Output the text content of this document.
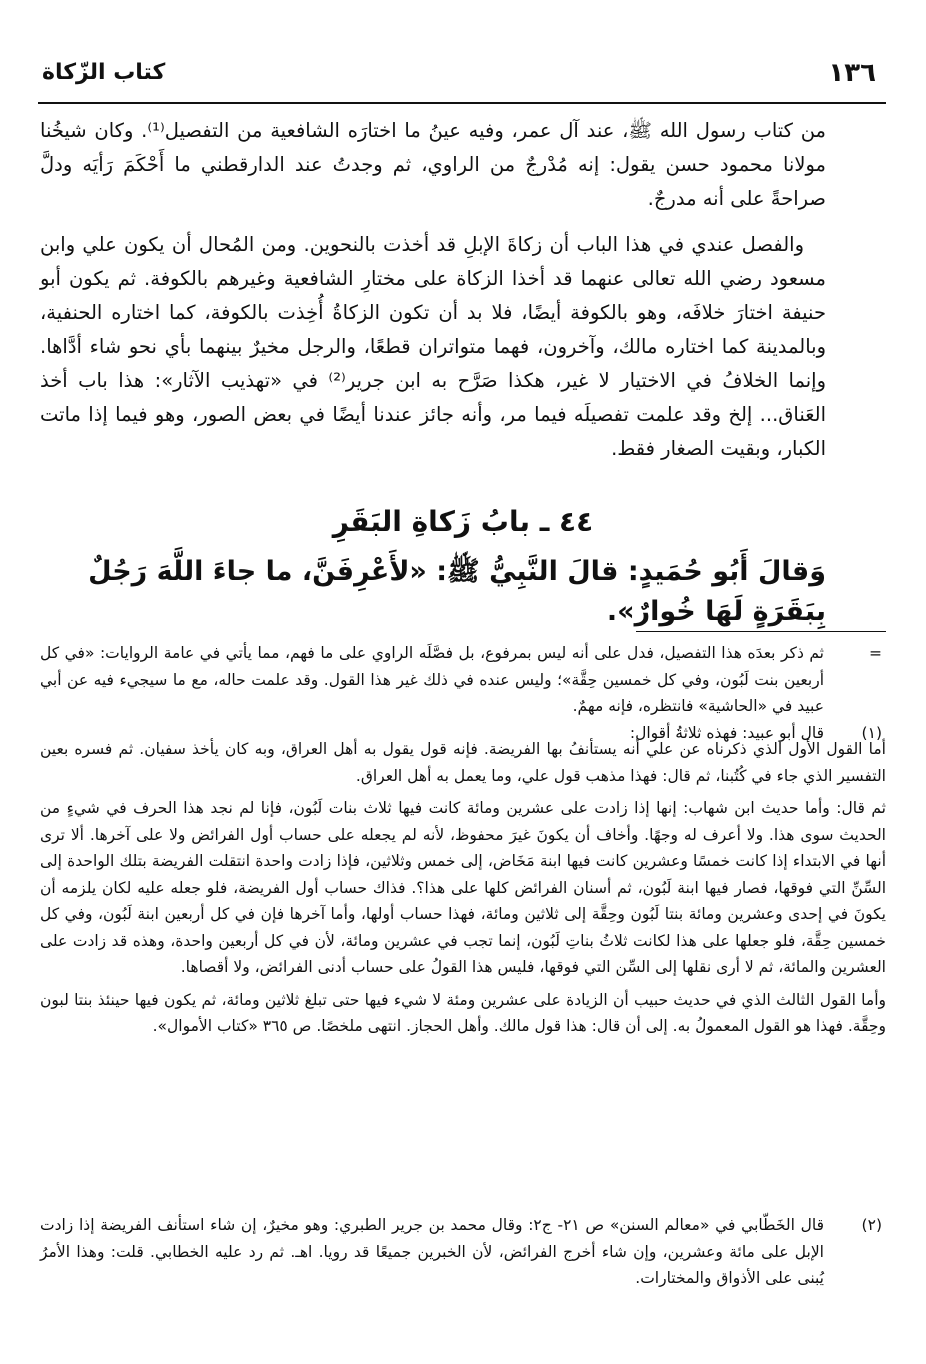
١٣٦
كتاب الزّكاة

من كتاب رسول الله ﷺ، عند آل عمر، وفيه عينُ ما اختارَه الشافعية من التفصيل⁽¹⁾. وكان شيخُنا مولانا محمود حسن يقول: إنه مُدْرجٌ من الراوي، ثم وجدتُ عند الدارقطني ما أَحْكَمَ رَأيَه ودلَّ صراحةً على أنه مدرجٌ.

والفصل عندي في هذا الباب أن زكاةَ الإبلِ قد أخذت بالنحوين. ومن المُحال أن يكون علي وابن مسعود رضي الله تعالى عنهما قد أخذا الزكاة على مختارِ الشافعية وغيرهم بالكوفة. ثم يكون أبو حنيفة اختارَ خلافَه، وهو بالكوفة أيضًا، فلا بد أن تكون الزكاةُ أُخِذت بالكوفة، كما اختاره الحنفية، وبالمدينة كما اختاره مالك، وآخرون، فهما متواتران قطعًا، والرجل مخيرٌ بينهما بأي نحو شاء أدَّاها. وإنما الخلافُ في الاختيار لا غير، هكذا صَرَّح به ابن جرير⁽²⁾ في «تهذيب الآثار»: هذا باب أخذ العَناق... إلخ وقد علمت تفصيلَه فيما مر، وأنه جائز عندنا أيضًا في بعض الصور، وهو فيما إذا ماتت الكبار، وبقيت الصغار فقط.

٤٤ ـ بابُ زَكاةِ البَقَرِ
وَقالَ أَبُو حُمَيدٍ: قالَ النَّبِيُّ ﷺ: «لأَعْرِفَنَّ، ما جاءَ اللَّهَ رَجُلٌ بِبَقَرَةٍ لَهَا خُوارٌ».
=

ثم ذكر بعدَه هذا التفصيل، فدل على أنه ليس بمرفوع، بل فصَّلَه الراوي على ما فهم، مما يأتي في عامة الروايات: «في كل أربعين بنت لَبُون، وفي كل خمسين حِقَّة»؛ وليس عنده في ذلك غير هذا القول. وقد علمت حاله، مع ما سيجيء فيه عن أبي عبيد في «الحاشية» فانتظره، فإنه مهمٌ.

(١)

قال أبو عبيد: فهذه ثلاثةُ أقوال:

أما القول الأول الذي ذكرناه عن علي أنه يستأنفُ بها الفريضة. فإنه قول يقول به أهل العراق، وبه كان يأخذ سفيان. ثم فسره بعين التفسير الذي جاء في كُتُبنا، ثم قال: فهذا مذهب قول علي، وما يعمل به أهل العراق.

ثم قال: وأما حديث ابن شهاب: إنها إذا زادت على عشرين ومائة كانت فيها ثلاث بنات لَبُون، فإنا لم نجد هذا الحرف في شيءٍ من الحديث سوى هذا. ولا أعرف له وجهًا. وأخاف أن يكونَ غيرَ محفوظ، لأنه لم يجعله على حساب أول الفرائض ولا على آخرها. ألا ترى أنها في الابتداء إذا كانت خمسًا وعشرين كانت فيها ابنة مَخَاض، إلى خمس وثلاثين، فإذا زادت واحدة انتقلت الفريضة بتلك الواحدة إلى السِّنِّ التي فوقها، فصار فيها ابنة لَبُون، ثم أسنان الفرائض كلها على هذا؟. فذاك حساب أول الفريضة، فلو جعله عليه لكان يلزمه أن يكونَ في إحدى وعشرين ومائة بنتا لَبُون وحِقَّة إلى ثلاثين ومائة، فهذا حساب أولها، وأما آخرها فإن في كل أربعين ابنة لَبُون، وفي كل خمسين حِقَّة، فلو جعلها على هذا لكانت ثلاثُ بناتِ لَبُون، إنما تجب في عشرين ومائة، لأن في كل أربعين واحدة، وهذه قد زادت على العشرين والمائة، ثم لا أرى نقلها إلى السِّن التي فوقها، فليس هذا القولُ على حساب أدنى الفرائض، ولا أقصاها.

وأما القول الثالث الذي في حديث حبيب أن الزيادة على عشرين ومئة لا شيء فيها حتى تبلغ ثلاثين ومائة، ثم يكون فيها حينئذ بنتا لبون وحِقَّة. فهذا هو القول المعمولُ به. إلى أن قال: هذا قول مالك. وأهل الحجاز. انتهى ملخصًا. ص ٣٦٥ «كتاب الأموال».

(٢)

قال الخَطّابي في «معالم السنن» ص ٢١- ج٢: وقال محمد بن جرير الطبري: وهو مخيرٌ، إن شاء استأنف الفريضة إذا زادت الإبل على مائة وعشرين، وإن شاء أخرج الفرائض، لأن الخبرين جميعًا قد رويا. اهـ. ثم رد عليه الخطابي. قلت: وهذا الأمرُ يُبنى على الأذواق والمختارات.
